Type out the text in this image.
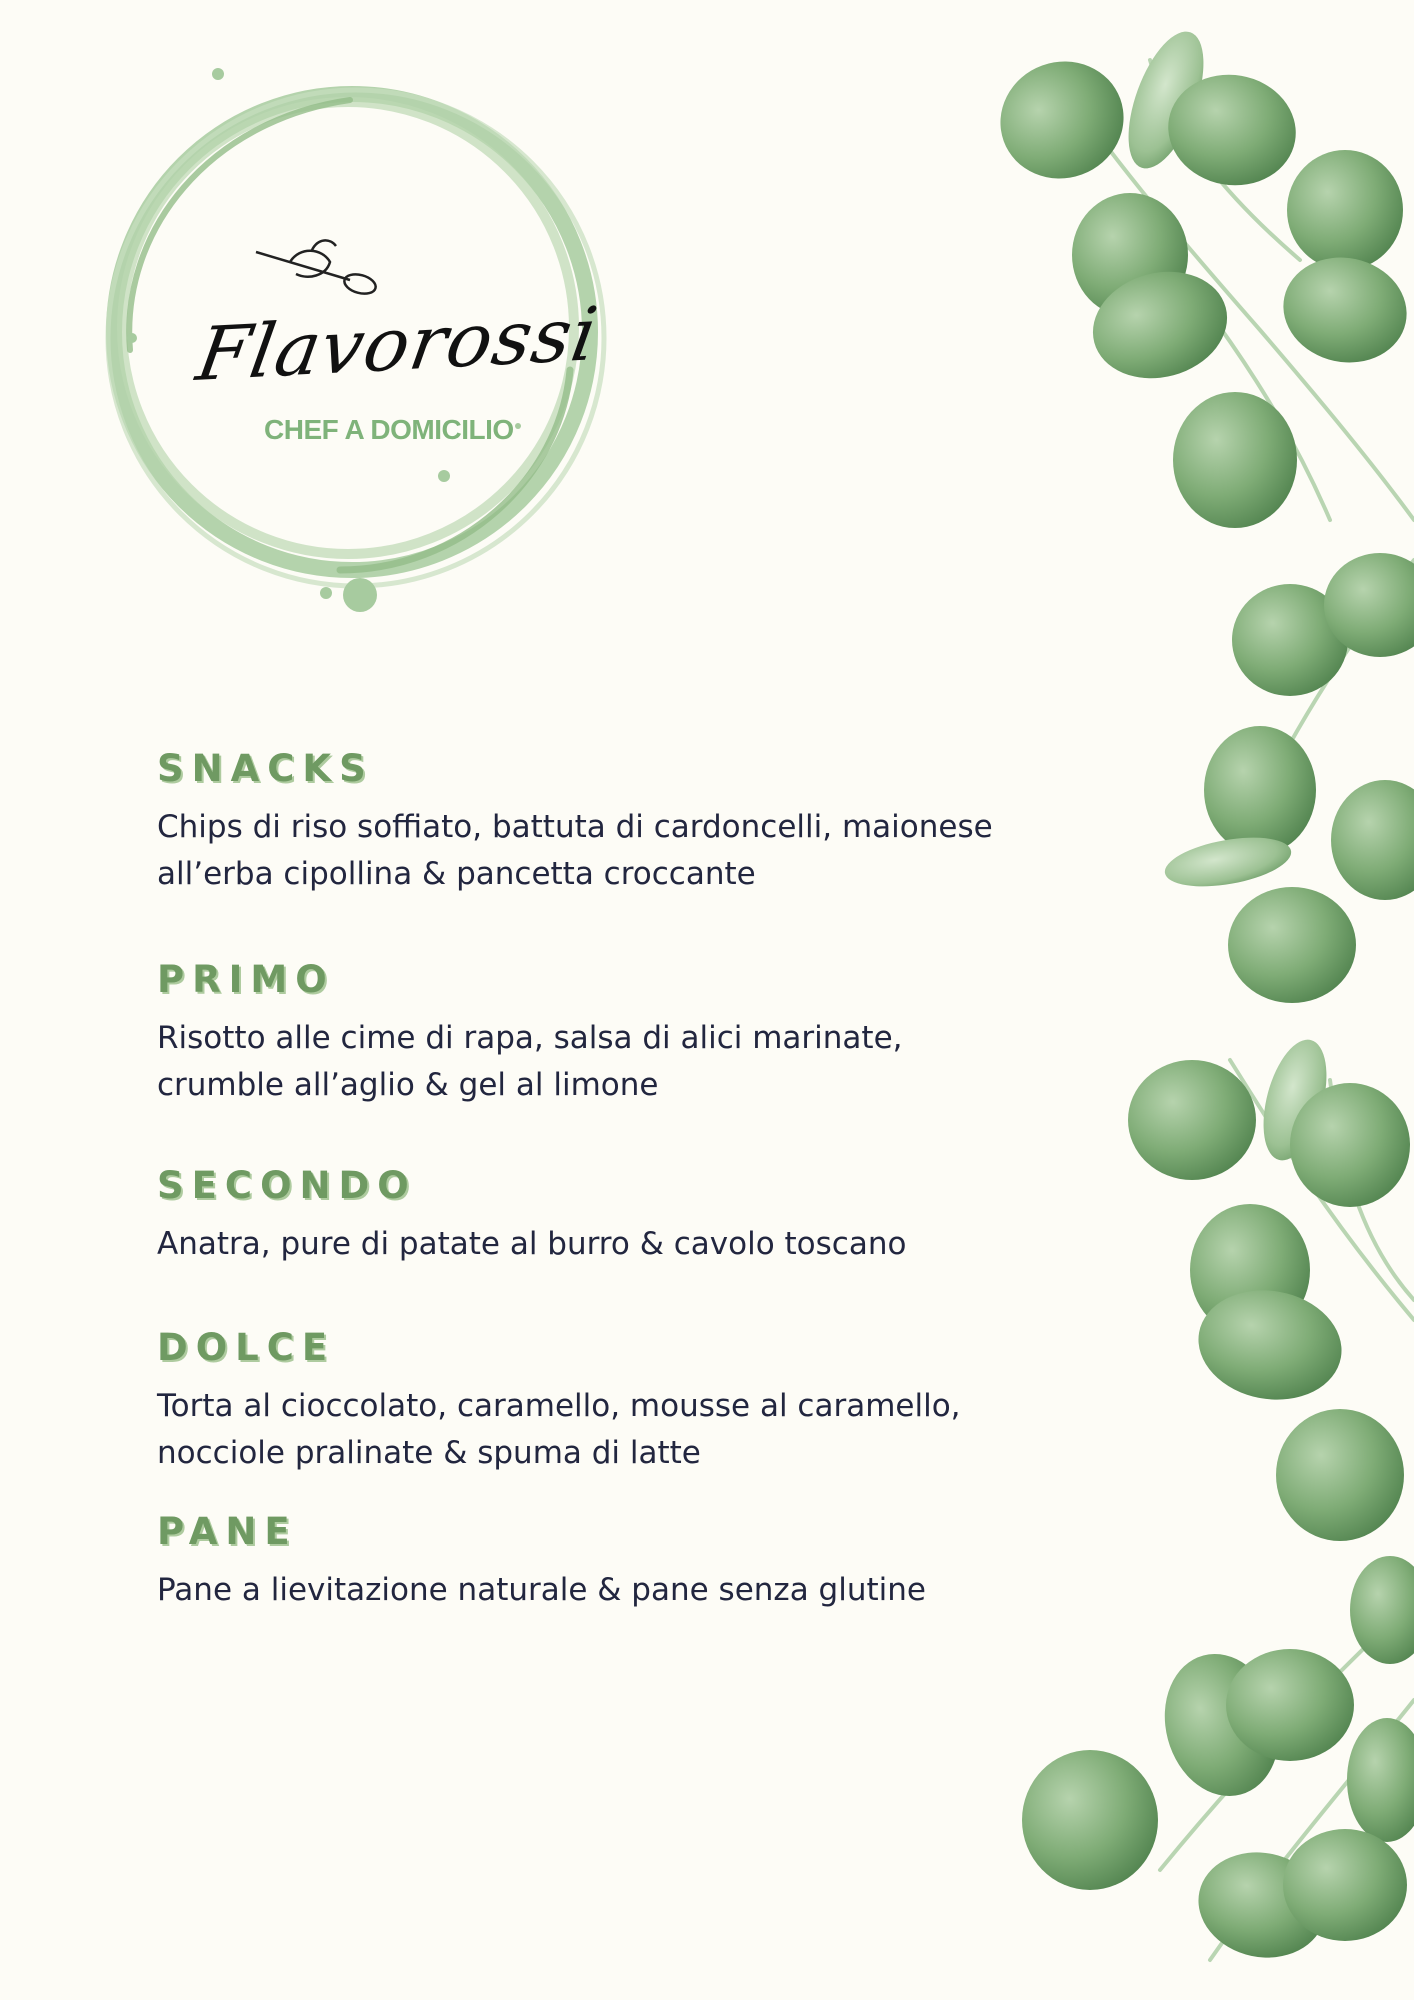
Flavorossi
CHEF A DOMICILIO
SNACKS
Chips di riso soffiato, battuta di cardoncelli, maionese
all’erba cipollina & pancetta croccante
PRIMO
Risotto alle cime di rapa, salsa di alici marinate,
crumble all’aglio & gel al limone
SECONDO
Anatra, pure di patate al burro & cavolo toscano
DOLCE
Torta al cioccolato, caramello, mousse al caramello,
nocciole pralinate & spuma di latte
PANE
Pane a lievitazione naturale & pane senza glutine
